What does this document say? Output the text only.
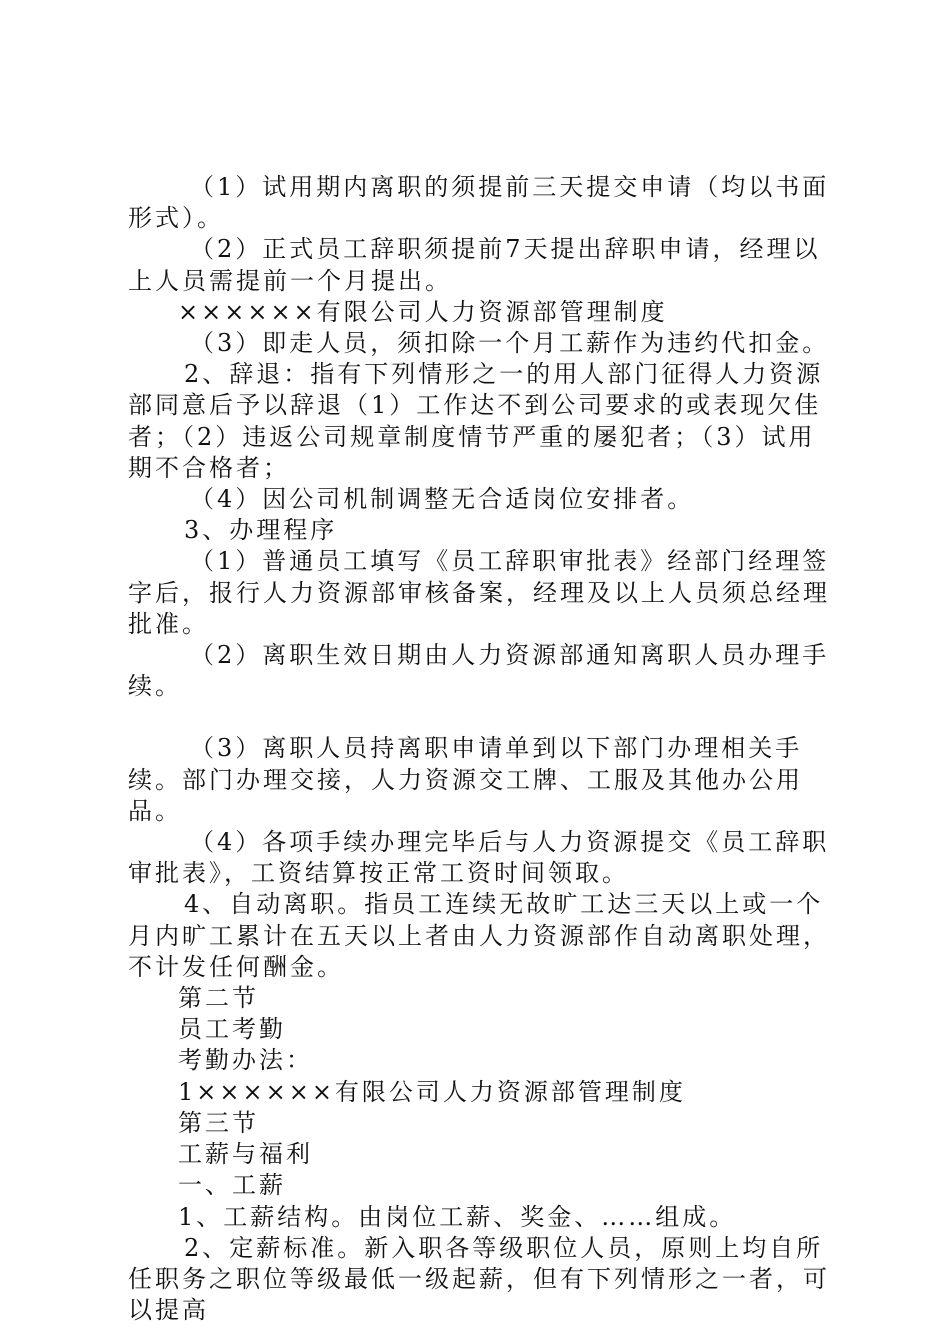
（1）试用期内离职的须提前三天提交申请（均以书面形式）。

（2）正式员工辞职须提前7天提出辞职申请，经理以上人员需提前一个月提出。

××××××有限公司人力资源部管理制度

（3）即走人员，须扣除一个月工薪作为违约代扣金。

2、辞退：指有下列情形之一的用人部门征得人力资源部同意后予以辞退（1）工作达不到公司要求的或表现欠佳者；（2）违返公司规章制度情节严重的屡犯者；（3）试用期不合格者；

（4）因公司机制调整无合适岗位安排者。

3、办理程序

（1）普通员工填写《员工辞职审批表》经部门经理签字后，报行人力资源部审核备案，经理及以上人员须总经理批准。

（2）离职生效日期由人力资源部通知离职人员办理手续。

（3）离职人员持离职申请单到以下部门办理相关手续。部门办理交接，人力资源交工牌、工服及其他办公用品。

（4）各项手续办理完毕后与人力资源提交《员工辞职审批表》，工资结算按正常工资时间领取。

4、自动离职。指员工连续无故旷工达三天以上或一个月内旷工累计在五天以上者由人力资源部作自动离职处理，不计发任何酬金。

第二节

员工考勤

考勤办法：

1××××××有限公司人力资源部管理制度

第三节

工薪与福利

一、工薪

1、工薪结构。由岗位工薪、奖金、……组成。

2、定薪标准。新入职各等级职位人员，原则上均自所任职务之职位等级最低一级起薪，但有下列情形之一者，可以提高
